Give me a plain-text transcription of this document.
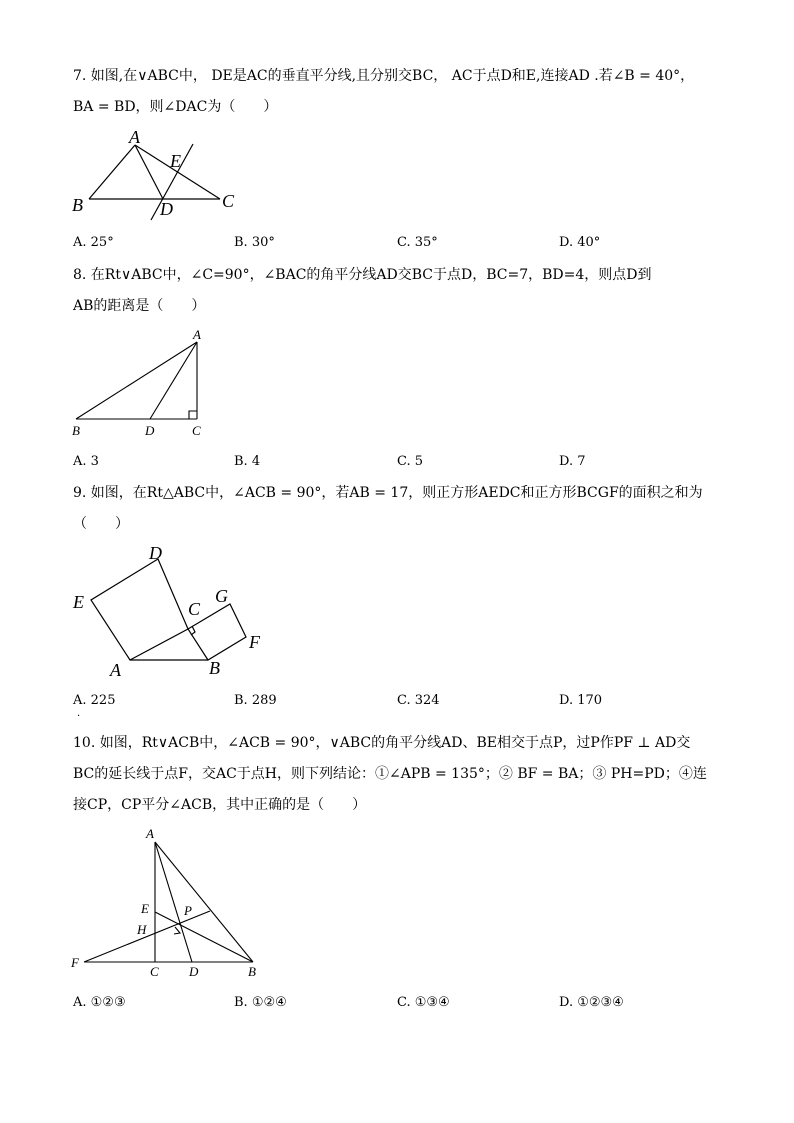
7. 如图,在∨ABC中， DE是AC的垂直平分线,且分别交BC， AC于点D和E,连接AD .若∠B = 40°，
BA = BD，则∠DAC为（　　）
A
B	C
D
E
A. 25°	B. 30°	C. 35°	D. 40°
8. 在Rt∨ABC中，∠C=90°，∠BAC的角平分线AD交BC于点D，BC=7，BD=4，则点D到
AB的距离是（　　）
A
B	D	C
A. 3	B. 4	C. 5	D. 7
9. 如图，在Rt△ABC中，∠ACB = 90°，若AB = 17，则正方形AEDC和正方形BCGF的面积之和为
（　　）
D
E	C
G
F
A	B
A. 225	B. 289	C. 324	D. 170
·
10. 如图，Rt∨ACB中，∠ACB = 90°，∨ABC的角平分线AD、BE相交于点P，过P作PF ⊥ AD交
BC的延长线于点F，交AC于点H，则下列结论：①∠APB = 135°；② BF = BA；③ PH=PD；④连
接CP，CP平分∠ACB，其中正确的是（　　）
A
E
H
P
F
C D	B
A. ①②③	B. ①②④	C. ①③④	D. ①②③④
